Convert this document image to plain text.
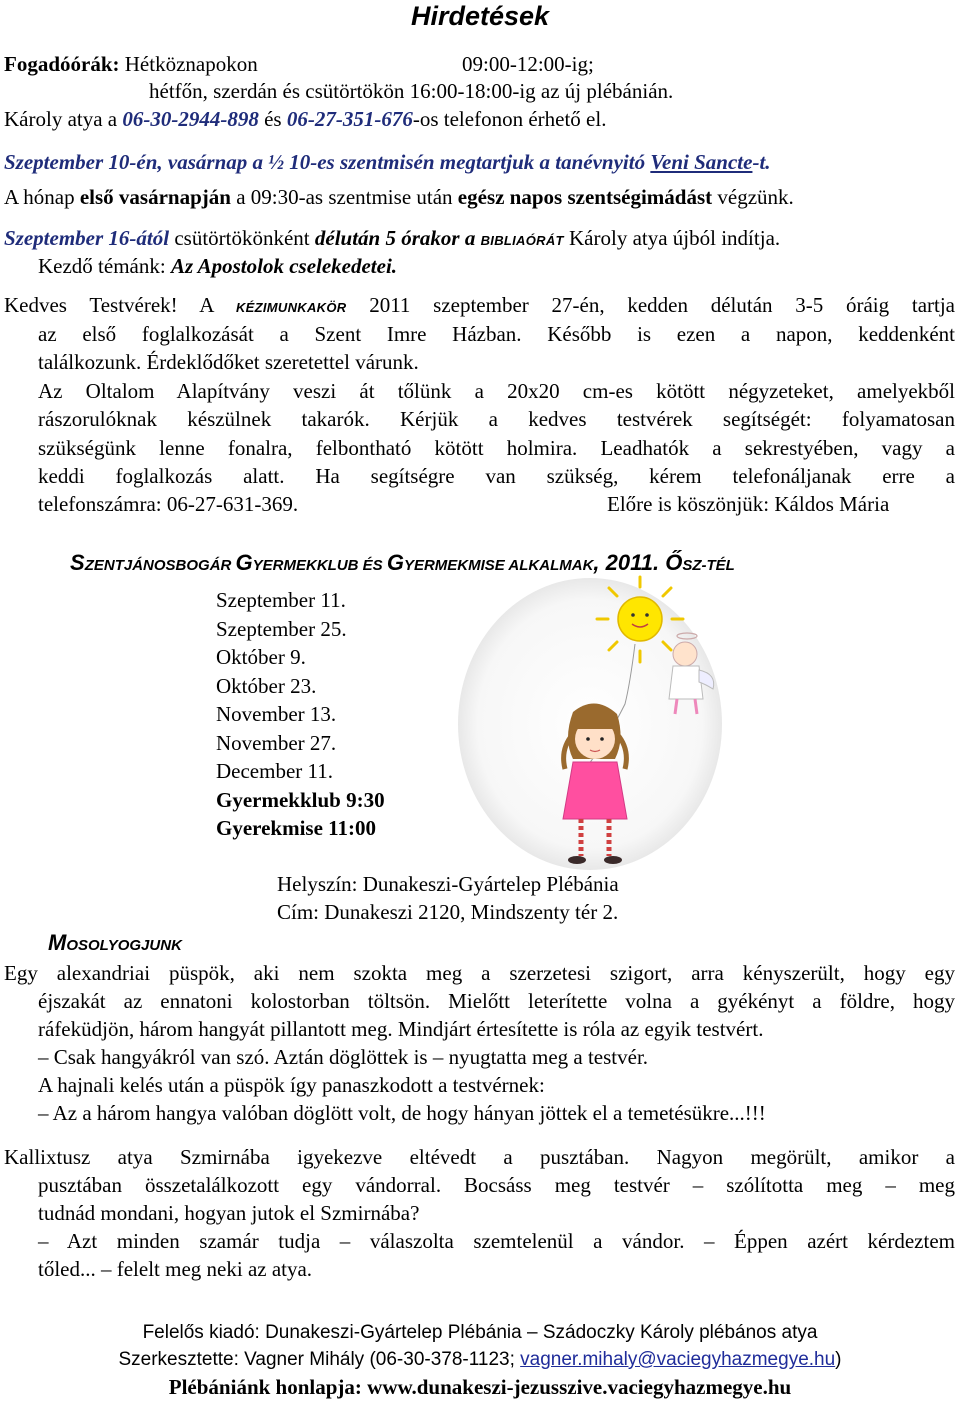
Hirdetések
Fogadóórák: Hétköznapokon	09:00-12:00-ig;
hétfőn, szerdán és csütörtökön 16:00-18:00-ig az új plébánián.
Károly atya a 06-30-2944-898 és 06-27-351-676-os telefonon érhető el.
Szeptember 10-én, vasárnap a ½ 10-es szentmisén megtartjuk a tanévnyitó Veni Sancte-t.
A hónap első vasárnapján a 09:30-as szentmise után egész napos szentségimádást végzünk.
Szeptember 16-ától csütörtökönként délután 5 órakor a BIBLIAÓRÁT Károly atya újból indítja.
Kezdő témánk: Az Apostolok cselekedetei.
Kedves Testvérek! A KÉZIMUNKAKÖR 2011 szeptember 27-én, kedden délután 3-5 óráig tartja
az első foglalkozását a Szent Imre Házban. Később is ezen a napon, keddenként
találkozunk. Érdeklődőket szeretettel várunk.
Az Oltalom Alapítvány veszi át tőlünk a 20x20 cm-es kötött négyzeteket, amelyekből
rászorulóknak készülnek takarók. Kérjük a kedves testvérek segítségét: folyamatosan
szükségünk lenne fonalra, felbontható kötött holmira. Leadhatók a sekrestyében, vagy a
keddi foglalkozás alatt. Ha segítségre van szükség, kérem telefonáljanak erre a
telefonszámra: 06-27-631-369.	Előre is köszönjük: Káldos Mária
SZENTJÁNOSBOGÁR GYERMEKKLUB ÉS GYERMEKMISE ALKALMAK, 2011. ŐSZ-TÉL
Szeptember 11.
Szeptember 25.
Október 9.
Október 23.
November 13.
November 27.
December 11.
Gyermekklub 9:30
Gyerekmise 11:00
Helyszín: Dunakeszi-Gyártelep Plébánia
Cím: Dunakeszi 2120, Mindszenty tér 2.
MOSOLYOGJUNK
Egy alexandriai püspök, aki nem szokta meg a szerzetesi szigort, arra kényszerült, hogy egy
éjszakát az ennatoni kolostorban töltsön. Mielőtt leterítette volna a gyékényt a földre, hogy
ráfeküdjön, három hangyát pillantott meg. Mindjárt értesítette is róla az egyik testvért.
– Csak hangyákról van szó. Aztán döglöttek is – nyugtatta meg a testvér.
A hajnali kelés után a püspök így panaszkodott a testvérnek:
– Az a három hangya valóban döglött volt, de hogy hányan jöttek el a temetésükre...!!!
Kallixtusz atya Szmirnába igyekezve eltévedt a pusztában. Nagyon megörült, amikor a
pusztában összetalálkozott egy vándorral. Bocsáss meg testvér – szólította meg – meg
tudnád mondani, hogyan jutok el Szmirnába?
– Azt minden szamár tudja – válaszolta szemtelenül a vándor. – Éppen azért kérdeztem
tőled... – felelt meg neki az atya.
Felelős kiadó: Dunakeszi-Gyártelep Plébánia – Szádoczky Károly plébános atya
Szerkesztette: Vagner Mihály (06-30-378-1123; vagner.mihaly@vaciegyhazmegye.hu)
Plébániánk honlapja: www.dunakeszi-jezusszive.vaciegyhazmegye.hu
